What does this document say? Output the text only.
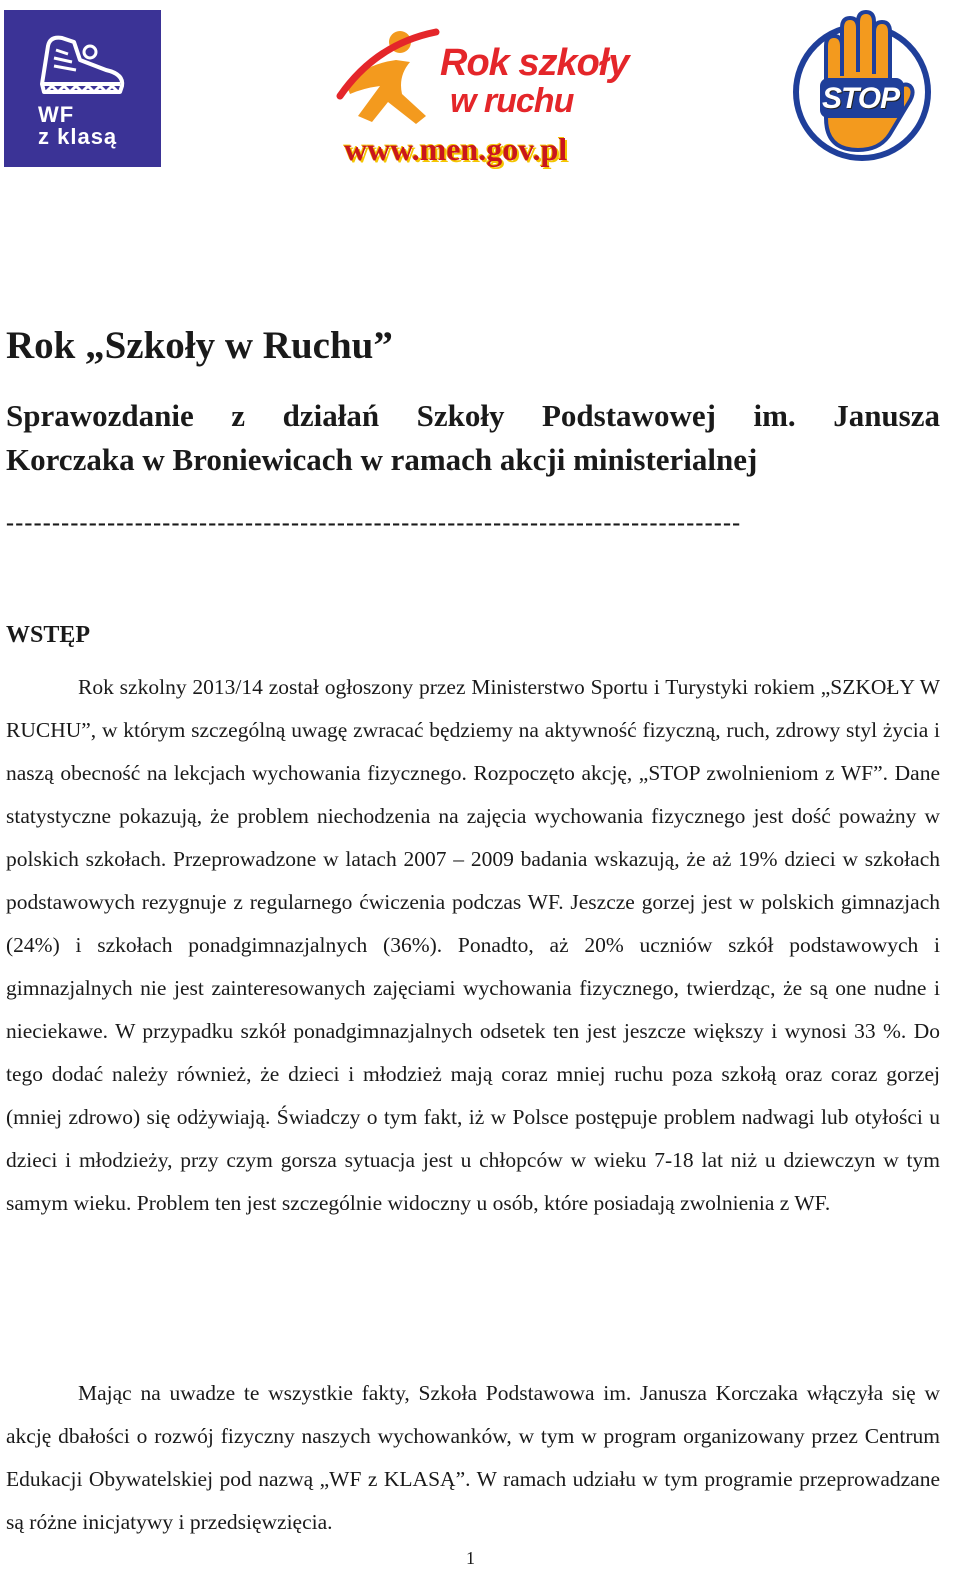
WF
z klasą
Rok szkoły
w ruchu
www.men.gov.pl
STOP
Rok „Szkoły w Ruchu”
Sprawozdanie z działań Szkoły Podstawowej im. Janusza
Korczaka w Broniewicach w ramach akcji ministerialnej
--------------------------------------------------------------------------------
WSTĘP
Rok szkolny 2013/14 został ogłoszony przez Ministerstwo Sportu i Turystyki rokiem „SZKOŁY W RUCHU”, w którym szczególną uwagę zwracać będziemy na aktywność fizyczną, ruch, zdrowy styl życia i naszą obecność na lekcjach wychowania fizycznego. Rozpoczęto akcję, „STOP zwolnieniom z WF”. Dane statystyczne pokazują, że problem niechodzenia na zajęcia wychowania fizycznego jest dość poważny w polskich szkołach. Przeprowadzone w latach 2007 – 2009 badania wskazują, że aż 19% dzieci w szkołach podstawowych rezygnuje z regularnego ćwiczenia podczas WF. Jeszcze gorzej jest w polskich gimnazjach (24%) i szkołach ponadgimnazjalnych (36%). Ponadto, aż 20% uczniów szkół podstawowych i gimnazjalnych nie jest zainteresowanych zajęciami wychowania fizycznego, twierdząc, że są one nudne i nieciekawe. W przypadku szkół ponadgimnazjalnych odsetek ten jest jeszcze większy i wynosi 33 %. Do tego dodać należy również, że dzieci i młodzież mają coraz mniej ruchu poza szkołą oraz coraz gorzej (mniej zdrowo) się odżywiają. Świadczy o tym fakt, iż w Polsce postępuje problem nadwagi lub otyłości u dzieci i młodzieży, przy czym gorsza sytuacja jest u chłopców w wieku 7-18 lat niż u dziewczyn w tym samym wieku. Problem ten jest szczególnie widoczny u osób, które posiadają zwolnienia z WF.
Mając na uwadze te wszystkie fakty, Szkoła Podstawowa im. Janusza Korczaka włączyła się w akcję dbałości o rozwój fizyczny naszych wychowanków, w tym w program organizowany przez Centrum Edukacji Obywatelskiej pod nazwą „WF z KLASĄ”. W ramach udziału w tym programie przeprowadzane są różne inicjatywy i przedsięwzięcia.
1
